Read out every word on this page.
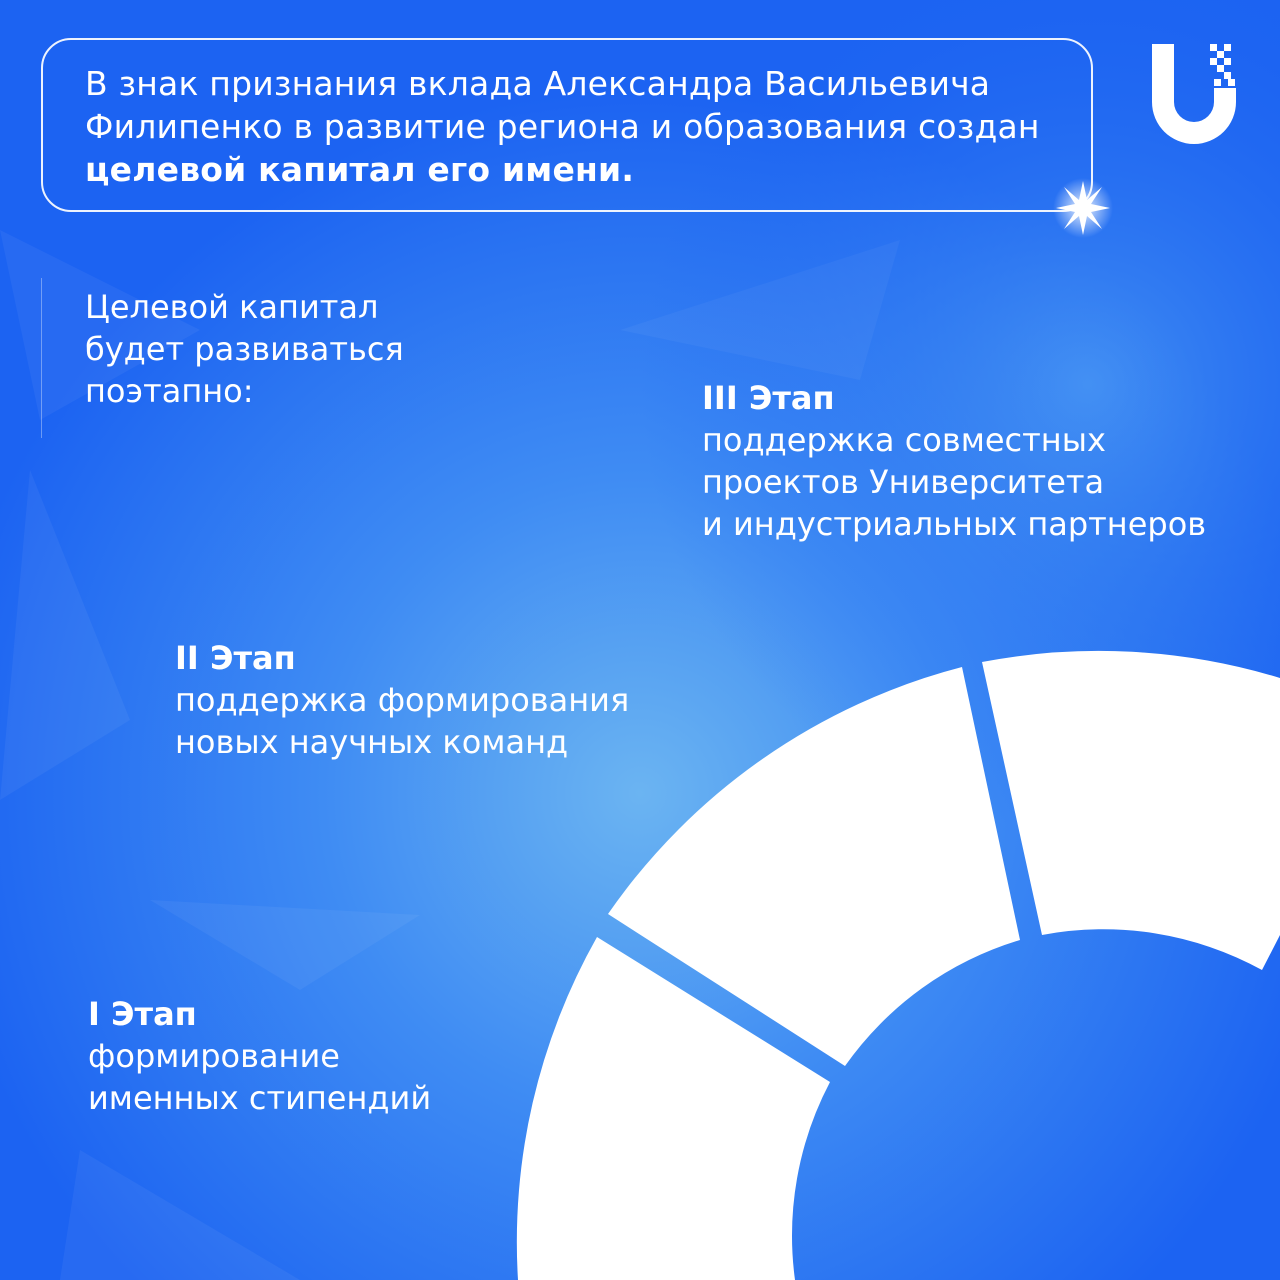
В знак признания вклада Александра Васильевича
Филипенко в развитие региона и образования создан
целевой капитал его имени.
Целевой капитал
будет развиваться
поэтапно:	III Этап
поддержка совместных
проектов Университета
и индустриальных партнеров
II Этап
поддержка формирования
новых научных команд
I Этап
формирование
именных стипендий
